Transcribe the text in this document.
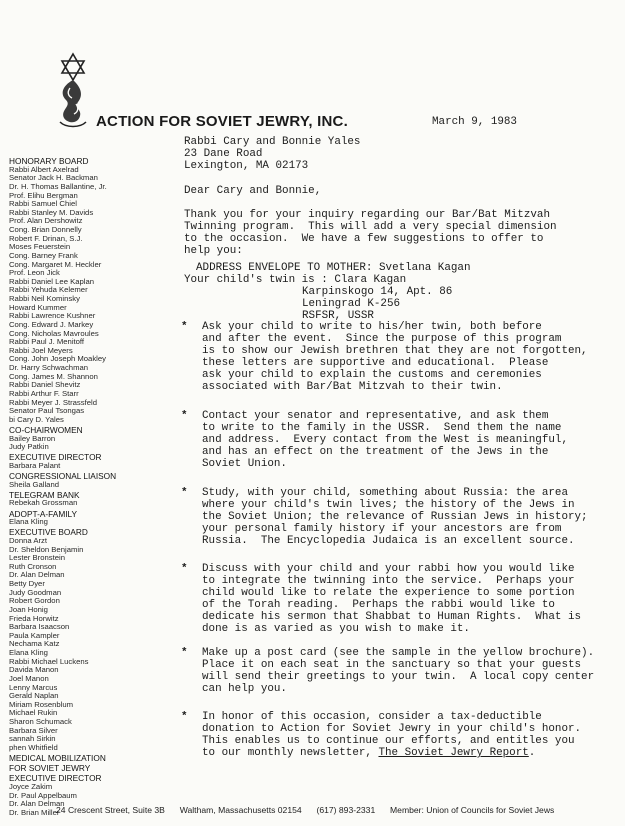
ACTION FOR SOVIET JEWRY, INC.	March 9, 1983
HONORARY BOARD
Rabbi Albert Axelrad
Senator Jack H. Backman
Dr. H. Thomas Ballantine, Jr.
Prof. Elihu Bergman
Rabbi Samuel Chiel
Rabbi Stanley M. Davids
Prof. Alan Dershowitz
Cong. Brian Donnelly
Robert F. Drinan, S.J.
Moses Feuerstein
Cong. Barney Frank
Cong. Margaret M. Heckler
Prof. Leon Jick
Rabbi Daniel Lee Kaplan
Rabbi Yehuda Kelemer
Rabbi Neil Kominsky
Howard Kummer
Rabbi Lawrence Kushner
Cong. Edward J. Markey
Cong. Nicholas Mavroules
Rabbi Paul J. Menitoff
Rabbi Joel Meyers
Cong. John Joseph Moakley
Dr. Harry Schwachman
Cong. James M. Shannon
Rabbi Daniel Shevitz
Rabbi Arthur F. Starr
Rabbi Meyer J. Strassfeld
Senator Paul Tsongas
bi Cary D. Yales
CO-CHAIRWOMEN
Bailey Barron
Judy Patkin
EXECUTIVE DIRECTOR
Barbara Palant
CONGRESSIONAL LIAISON
Sheila Galland
TELEGRAM BANK
Rebekah Grossman
ADOPT-A-FAMILY
Elana Kling
EXECUTIVE BOARD
Donna Arzt
Dr. Sheldon Benjamin
Lester Bronstein
Ruth Cronson
Dr. Alan Delman
Betty Dyer
Judy Goodman
Robert Gordon
Joan Honig
Frieda Horwitz
Barbara Isaacson
Paula Kampler
Nechama Katz
Elana Kling
Rabbi Michael Luckens
Davida Manon
Joel Manon
Lenny Marcus
Gerald Naplan
Miriam Rosenblum
Michael Rukin
Sharon Schumack
Barbara Silver
sannah Sirkin
phen Whitfield
MEDICAL MOBILIZATION
FOR SOVIET JEWRY
EXECUTIVE DIRECTOR
Joyce Zakim
Dr. Paul Appelbaum
Dr. Alan Delman
Dr. Brian Miller
Rabbi Cary and Bonnie Yales
23 Dane Road
Lexington, MA 02173
Dear Cary and Bonnie,
Thank you for your inquiry regarding our Bar/Bat Mitzvah
Twinning program.  This will add a very special dimension
to the occasion.  We have a few suggestions to offer to
help you:
ADDRESS ENVELOPE TO MOTHER: Svetlana Kagan
Your child's twin is : Clara Kagan
Karpinskogo 14, Apt. 86
Leningrad K-256
RSFSR, USSR
* Ask your child to write to his/her twin, both before
and after the event.  Since the purpose of this program
is to show our Jewish brethren that they are not forgotten,
these letters are supportive and educational.  Please
ask your child to explain the customs and ceremonies
associated with Bar/Bat Mitzvah to their twin.
* Contact your senator and representative, and ask them
to write to the family in the USSR.  Send them the name
and address.  Every contact from the West is meaningful,
and has an effect on the treatment of the Jews in the
Soviet Union.
* Study, with your child, something about Russia: the area
where your child's twin lives; the history of the Jews in
the Soviet Union; the relevance of Russian Jews in history;
your personal family history if your ancestors are from
Russia.  The Encyclopedia Judaica is an excellent source.
* Discuss with your child and your rabbi how you would like
to integrate the twinning into the service.  Perhaps your
child would like to relate the experience to some portion
of the Torah reading.  Perhaps the rabbi would like to
dedicate his sermon that Shabbat to Human Rights.  What is
done is as varied as you wish to make it.
* Make up a post card (see the sample in the yellow brochure).
Place it on each seat in the sanctuary so that your guests
will send their greetings to your twin.  A local copy center
can help you.
* In honor of this occasion, consider a tax-deductible
donation to Action for Soviet Jewry in your child's honor.
This enables us to continue our efforts, and entitles you
to our monthly newsletter, The Soviet Jewry Report.
24 Crescent Street, Suite 3B Waltham, Massachusetts 02154 (617) 893-2331 Member: Union of Councils for Soviet Jews
